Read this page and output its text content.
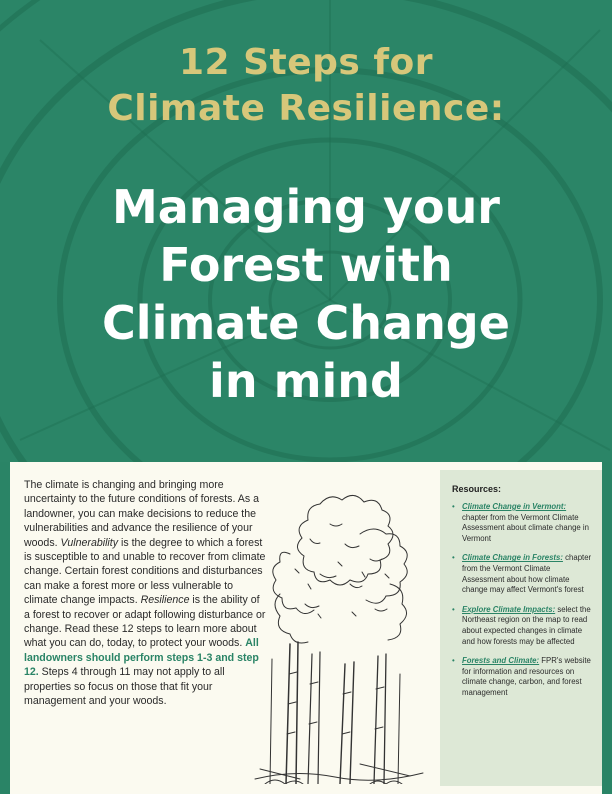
12 Steps for
Climate Resilience:
Managing your
Forest with
Climate Change
in mind

The climate is changing and bringing more uncertainty to the future conditions of forests. As a landowner, you can make decisions to reduce the vulnerabilities and advance the resilience of your woods. Vulnerability is the degree to which a forest is susceptible to and unable to recover from climate change. Certain forest conditions and disturbances can make a forest more or less vulnerable to climate change impacts. Resilience is the ability of a forest to recover or adapt following disturbance or change. Read these 12 steps to learn more about what you can do, today, to protect your woods. All landowners should perform steps 1-3 and step 12. Steps 4 through 11 may not apply to all properties so focus on those that fit your management and your woods.

Resources:
• Climate Change in Vermont: chapter from the Vermont Climate Assessment about climate change in Vermont
• Climate Change in Forests: chapter from the Vermont Climate Assessment about how climate change may affect Vermont's forest
• Explore Climate Impacts: select the Northeast region on the map to read about expected changes in climate and how forests may be affected
• Forests and Climate: FPR's website for information and resources on climate change, carbon, and forest management
